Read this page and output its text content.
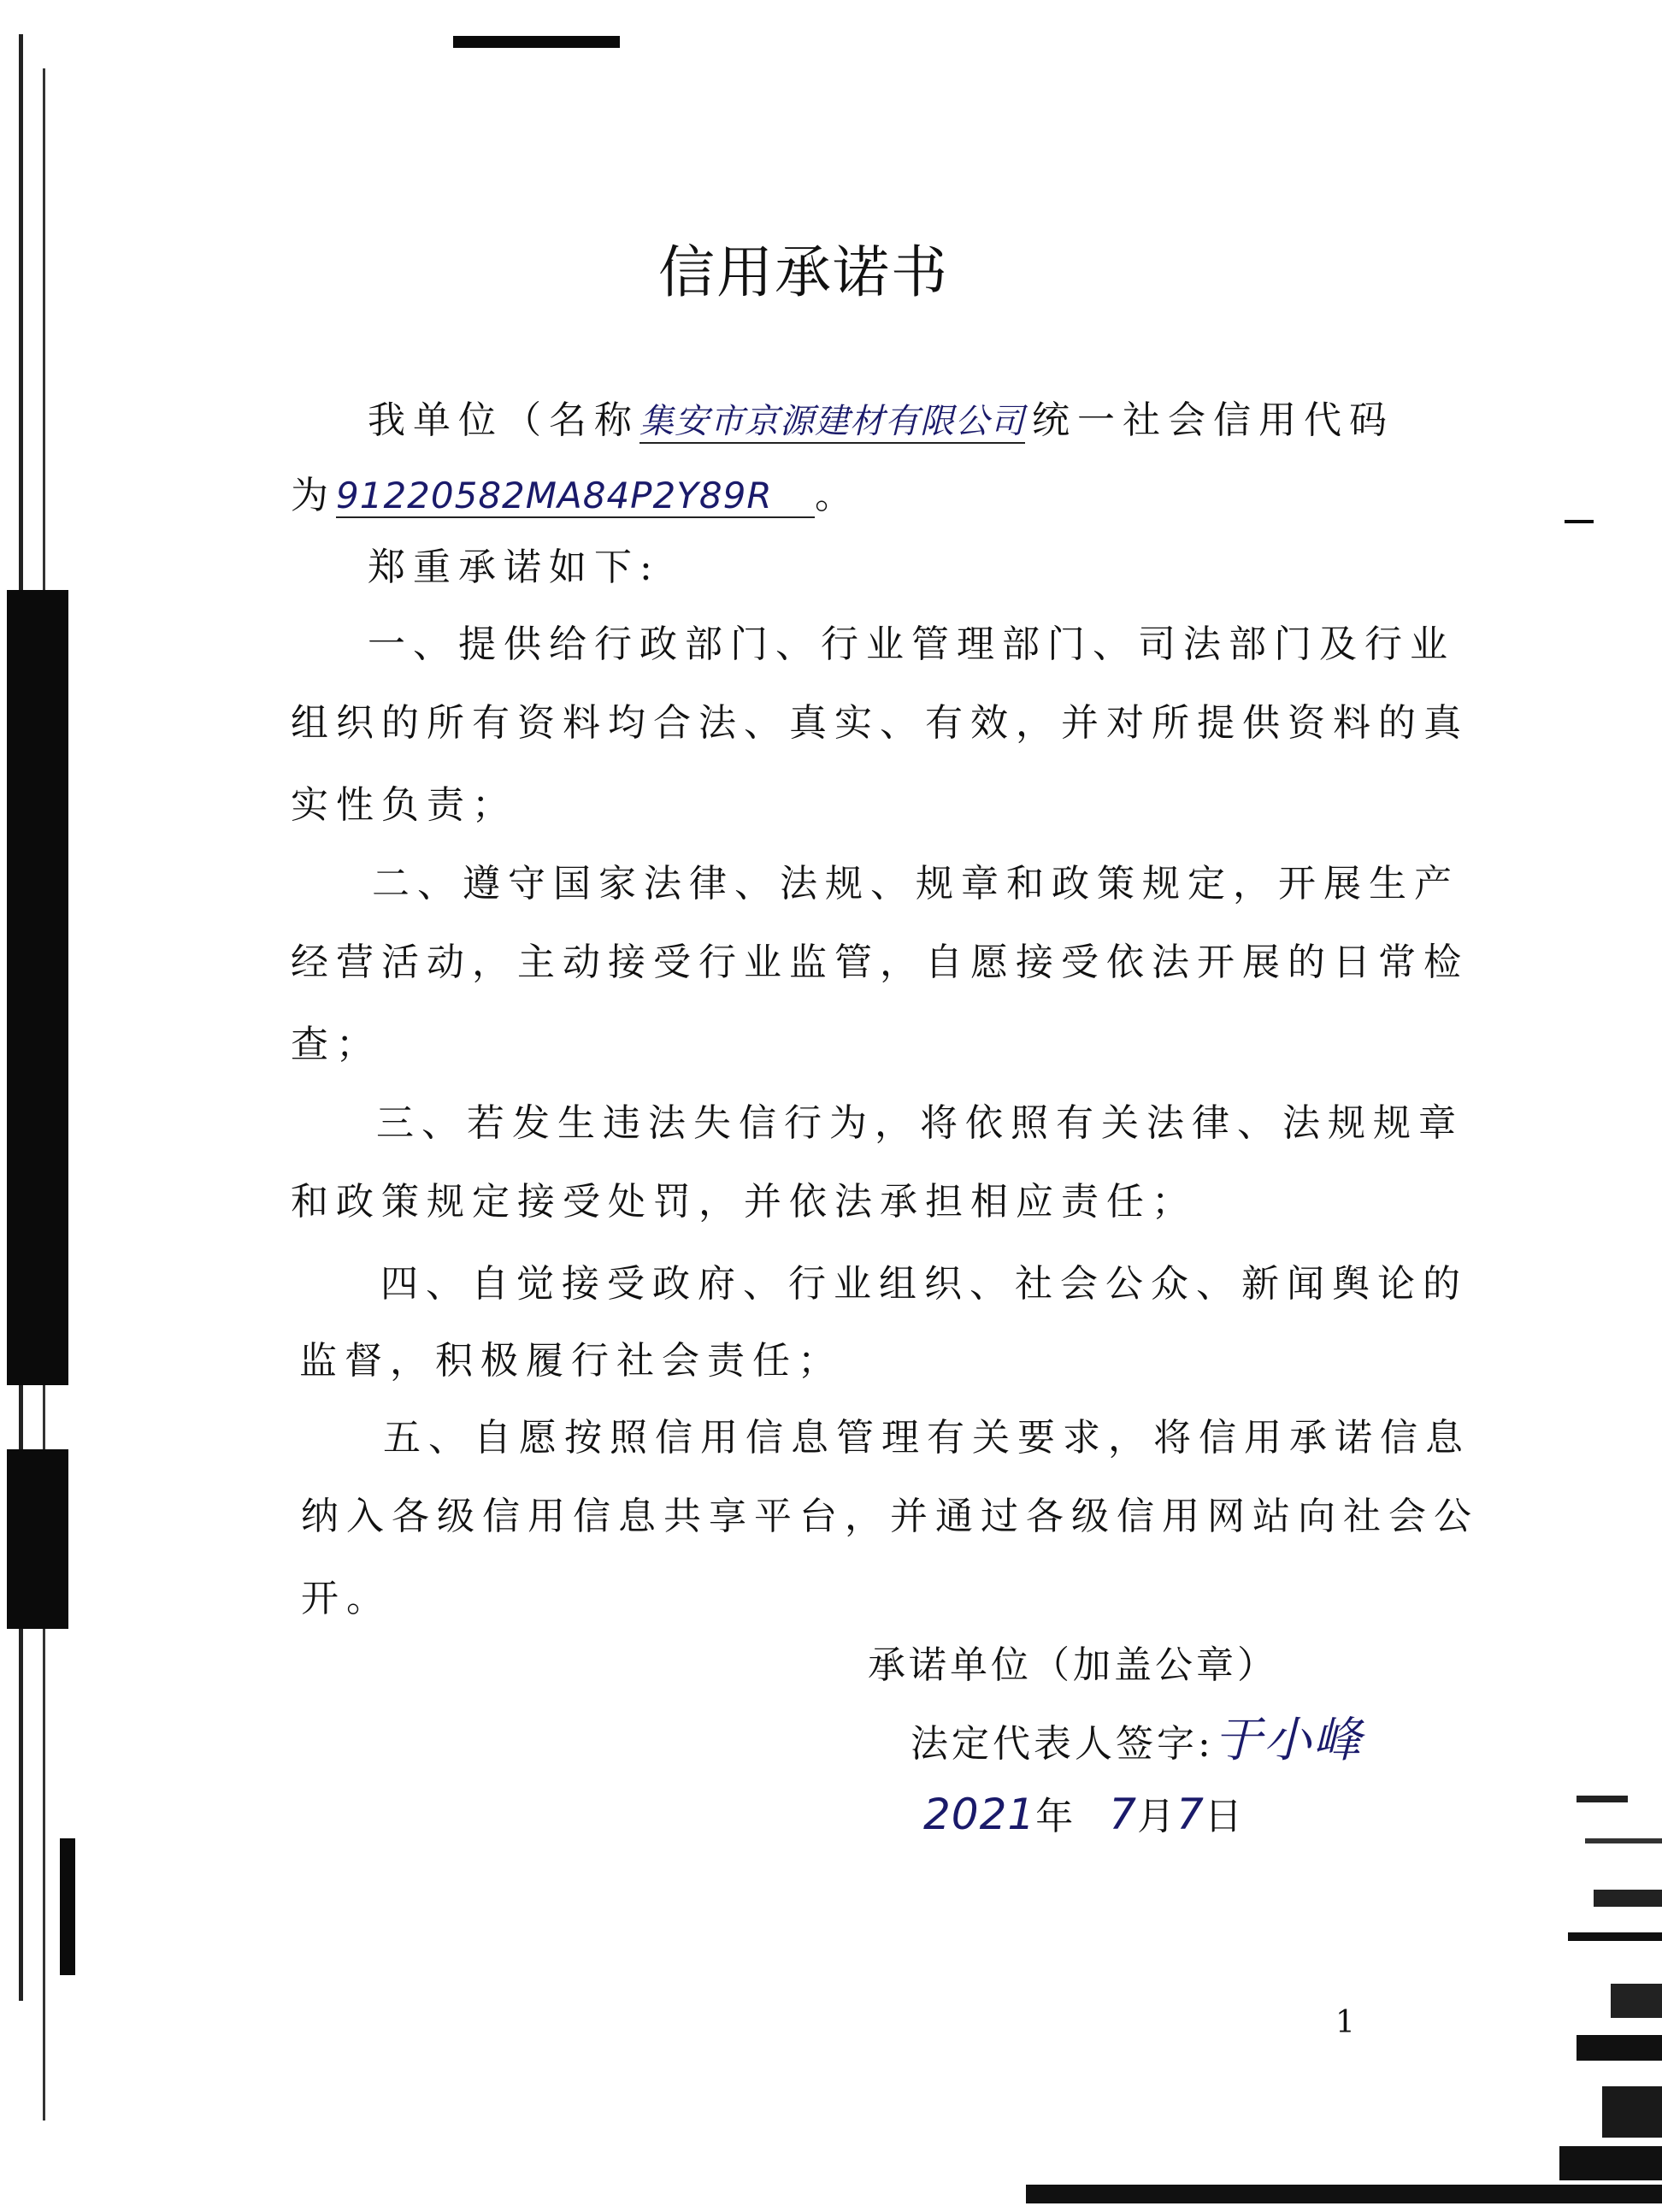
信用承诺书
我单位（名称集安市京源建材有限公司 统一社会信用代码
为91220582MA84P2Y89R 。
郑重承诺如下:
一、提供给行政部门、行业管理部门、司法部门及行业
组织的所有资料均合法、真实、有效，并对所提供资料的真
实性负责；
二、遵守国家法律、法规、规章和政策规定，开展生产
经营活动，主动接受行业监管，自愿接受依法开展的日常检
查；
三、若发生违法失信行为，将依照有关法律、法规规章
和政策规定接受处罚，并依法承担相应责任；
四、自觉接受政府、行业组织、社会公众、新闻舆论的
监督，积极履行社会责任；
五、自愿按照信用信息管理有关要求，将信用承诺信息
纳入各级信用信息共享平台，并通过各级信用网站向社会公
开。
承诺单位（加盖公章）
法定代表人签字:于小峰
2021年 7月7日
1
